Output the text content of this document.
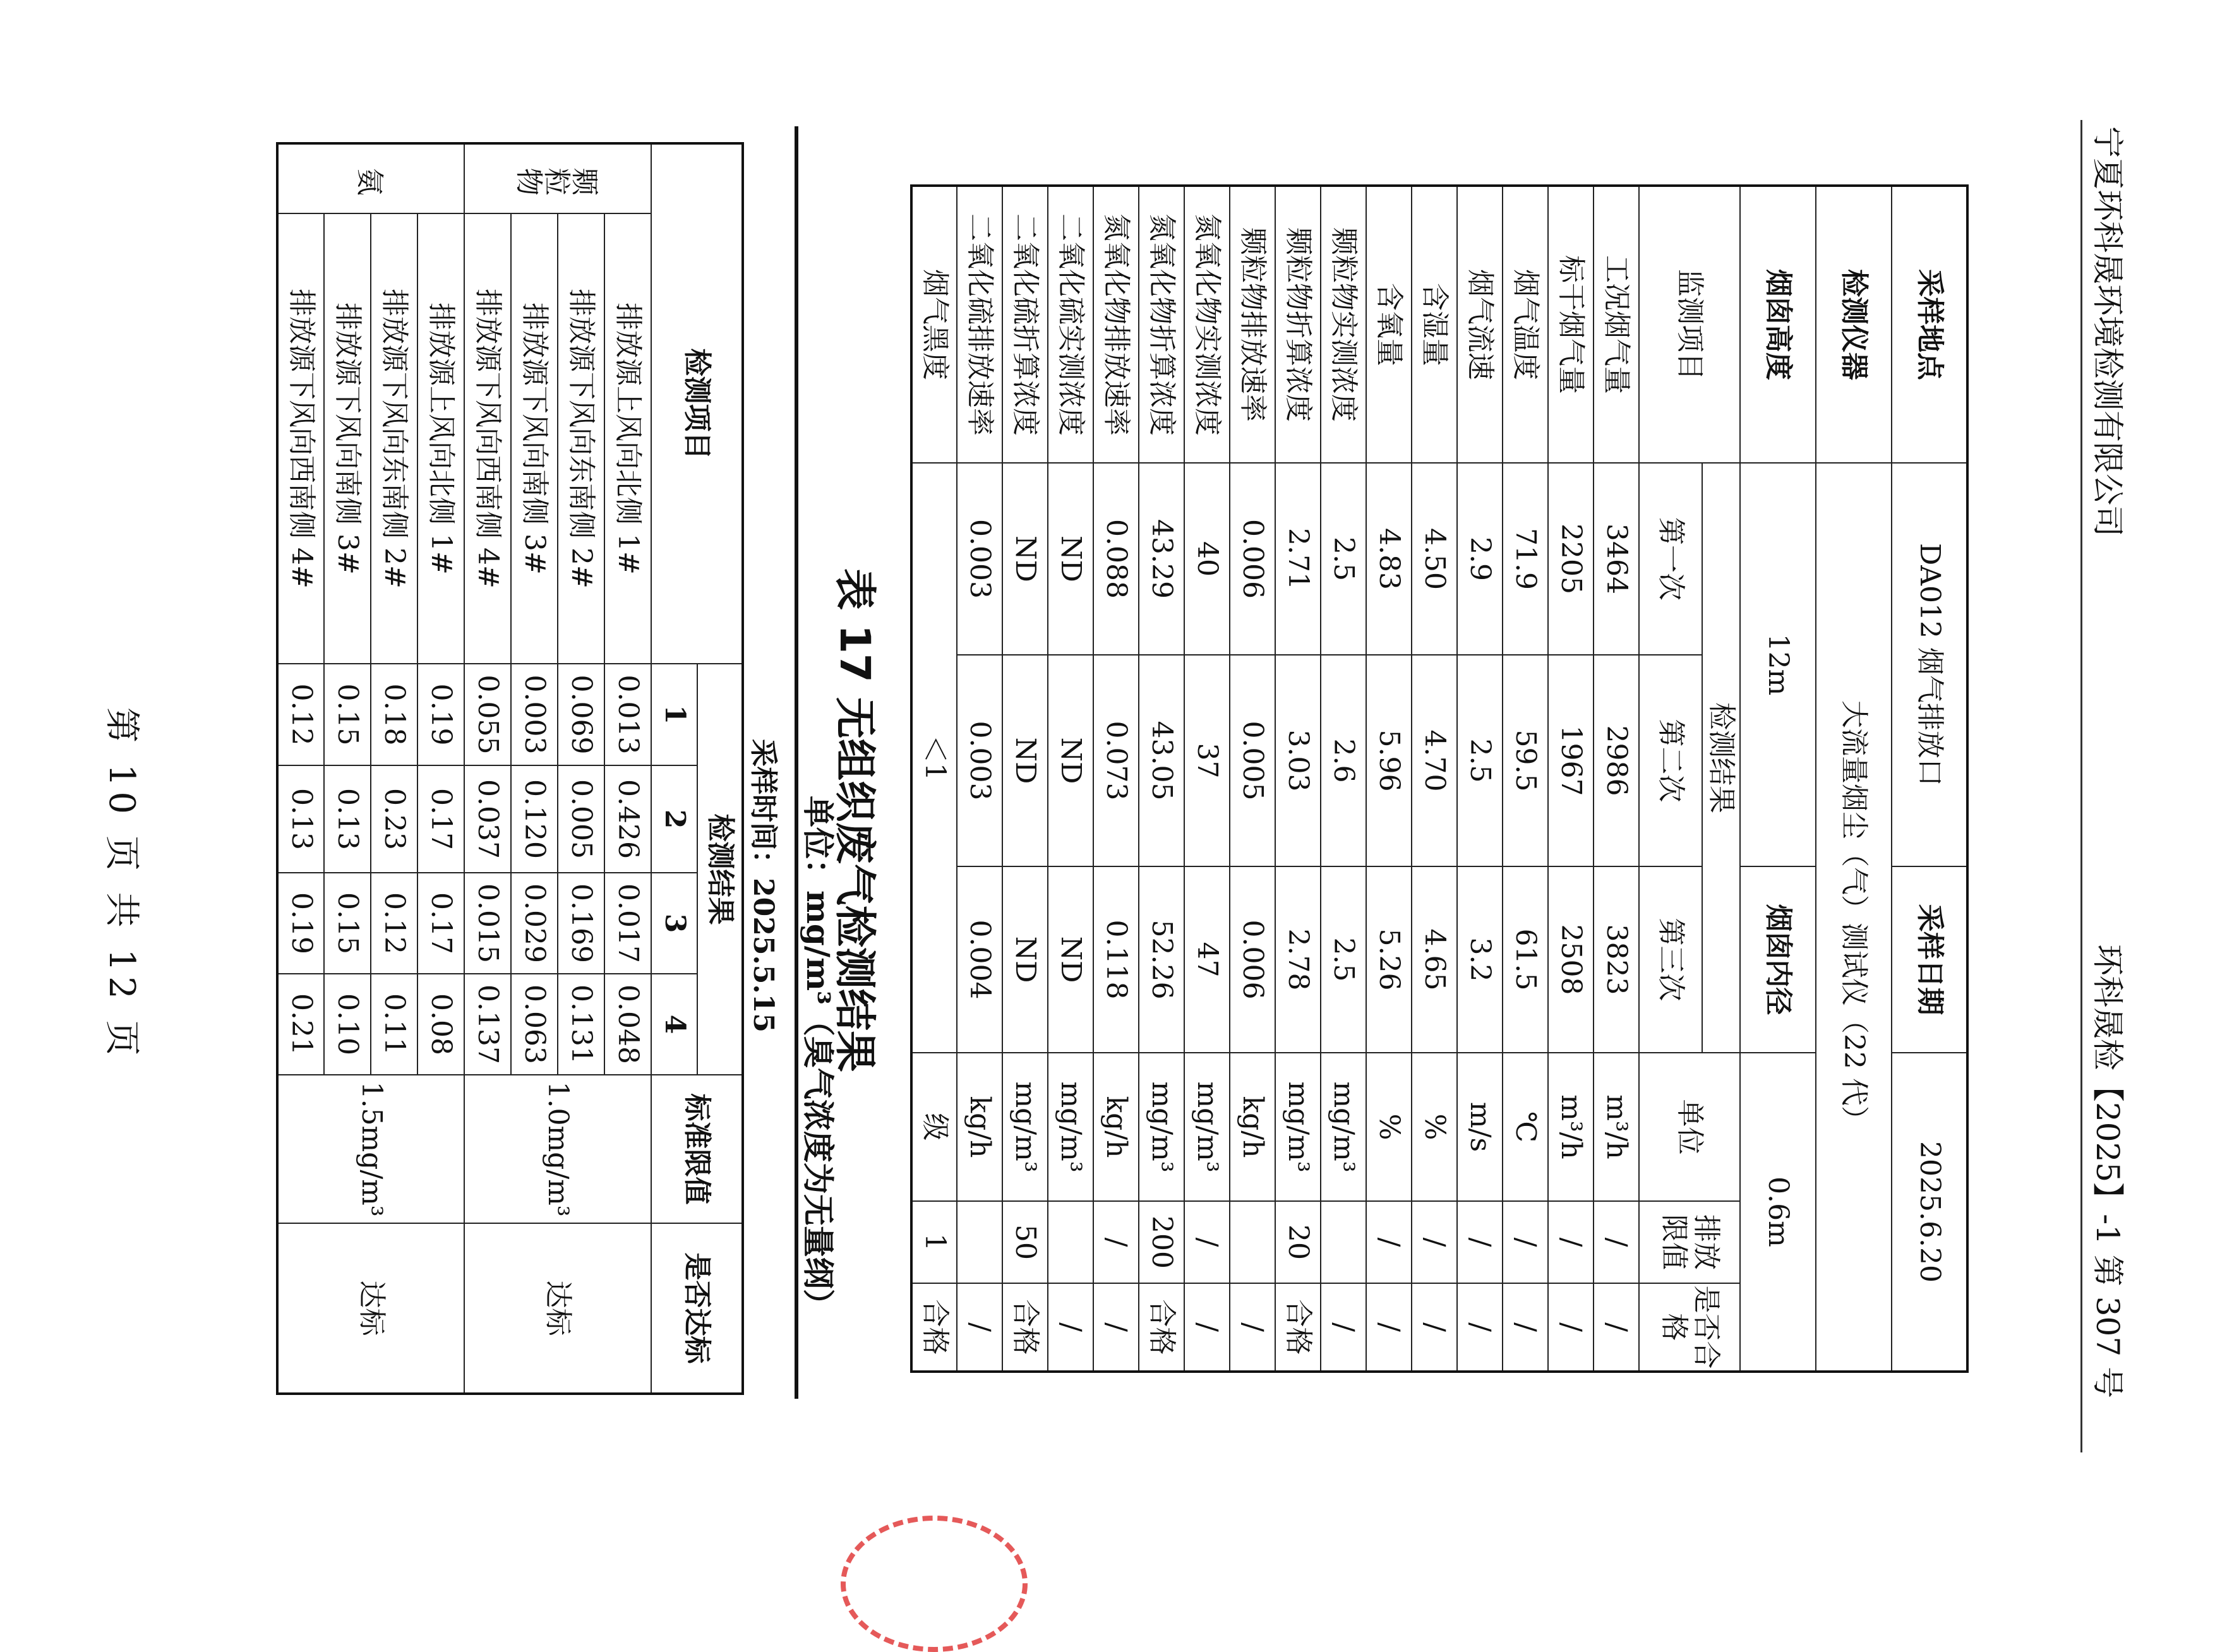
宁夏环科晟环境检测有限公司
环科晟检【2025】-1 第 307 号
采样地点	DA012 烟气排放口		采样日期	2025.6.20		
检测仪器	大流量烟尘（气）测试仪（22 代）					
烟囱高度	12m		烟囱内径	0.6m		
监测项目	检测结果			单位	排放限值	是否合格
	第一次	第二次	第三次			
工况烟气量	3464	2986	3823	m³/h	/	/
标干烟气量	2205	1967	2508	m³/h	/	/
烟气温度	71.9	59.5	61.5	℃	/	/
烟气流速	2.9	2.5	3.2	m/s	/	/
含湿量	4.50	4.70	4.65	%	/	/
含氧量	4.83	5.96	5.26	%	/	/
颗粒物实测浓度	2.5	2.6	2.5	mg/m³		/
颗粒物折算浓度	2.71	3.03	2.78	mg/m³	20	合格
颗粒物排放速率	0.006	0.005	0.006	kg/h		/
氮氧化物实测浓度	40	37	47	mg/m³	/	/
氮氧化物折算浓度	43.29	43.05	52.26	mg/m³	200	合格
氮氧化物排放速率	0.088	0.073	0.118	kg/h	/	/
二氧化硫实测浓度	ND	ND	ND	mg/m³		/
二氧化硫折算浓度	ND	ND	ND	mg/m³	50	合格
二氧化硫排放速率	0.003	0.003	0.004	kg/h		/
烟气黑度	＜1			级	1	合格
表 17 无组织废气检测结果
单位：mg/m³（臭气浓度为无量纲）
采样时间：2025.5.15
检测项目		检测结果				标准限值	是否达标
		1	2	3	4		
颗粒物	排放源上风向北侧 1#	0.013	0.426	0.017	0.048	1.0mg/m³	达标
	排放源下风向东南侧 2#	0.069	0.005	0.169	0.131		
	排放源下风向南侧 3#	0.003	0.120	0.029	0.063		
	排放源下风向西南侧 4#	0.055	0.037	0.015	0.137		
氨	排放源上风向北侧 1#	0.19	0.17	0.17	0.08	1.5mg/m³	达标
	排放源下风向东南侧 2#	0.18	0.23	0.12	0.11		
	排放源下风向南侧 3#	0.15	0.13	0.15	0.10		
	排放源下风向西南侧 4#	0.12	0.13	0.19	0.21		
第 10 页 共 12 页
